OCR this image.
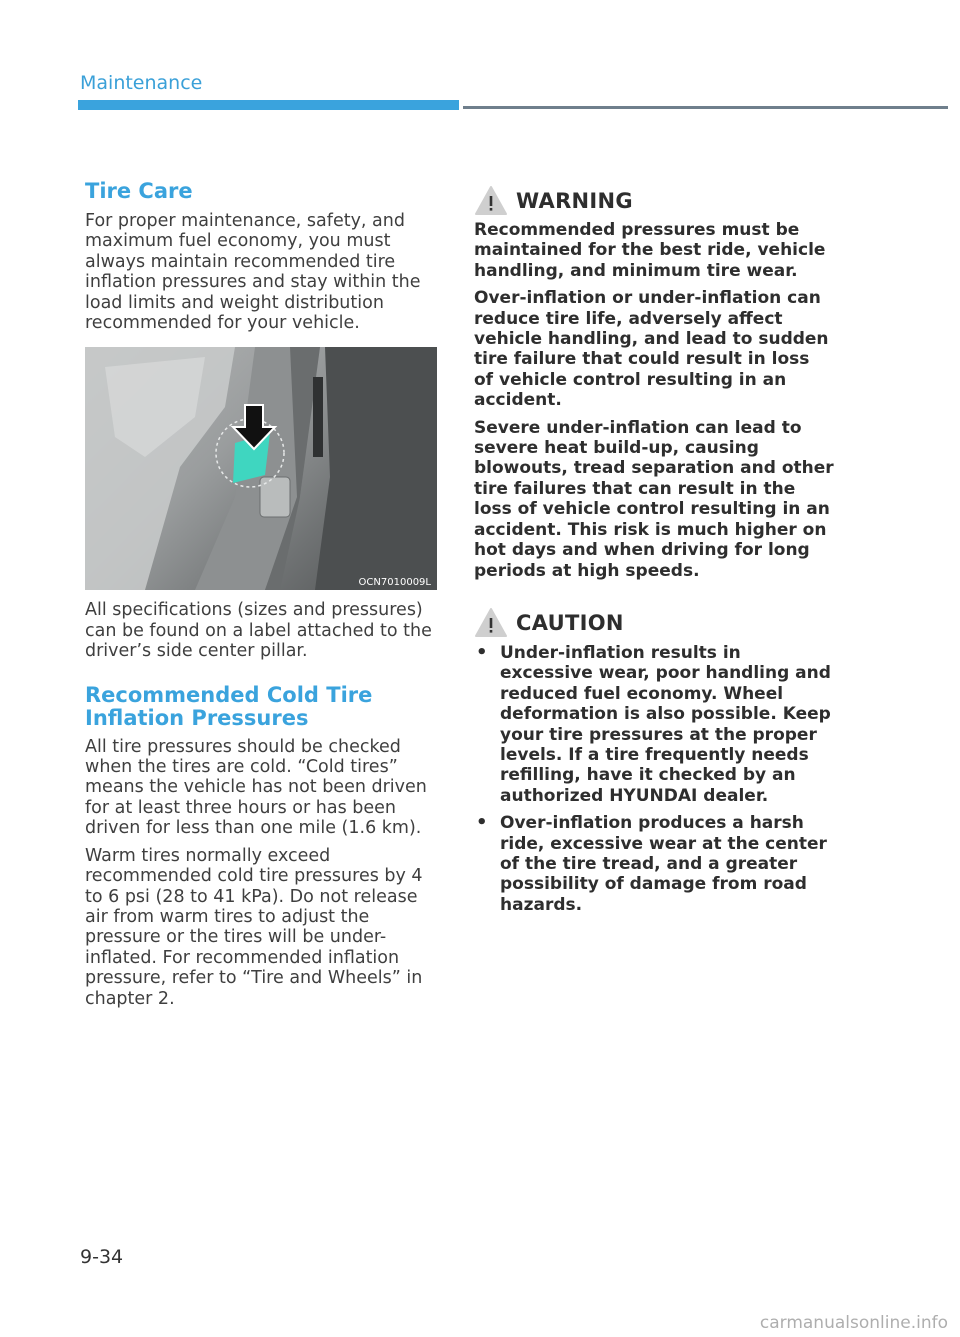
Maintenance
Tire Care

For proper maintenance, safety, and maximum fuel economy, you must always maintain recommended tire inflation pressures and stay within the load limits and weight distribution recommended for your vehicle.

OCN7010009L

All specifications (sizes and pressures) can be found on a label attached to the driver’s side center pillar.

Recommended Cold Tire Inflation Pressures

All tire pressures should be checked when the tires are cold. “Cold tires” means the vehicle has not been driven for at least three hours or has been driven for less than one mile (1.6 km).

Warm tires normally exceed recommended cold tire pressures by 4 to 6 psi (28 to 41 kPa). Do not release air from warm tires to adjust the pressure or the tires will be under-inflated. For recommended inflation pressure, refer to “Tire and Wheels” in chapter 2.

WARNING

Recommended pressures must be maintained for the best ride, vehicle handling, and minimum tire wear.

Over-inflation or under-inflation can reduce tire life, adversely affect vehicle handling, and lead to sudden tire failure that could result in loss of vehicle control resulting in an accident.

Severe under-inflation can lead to severe heat build-up, causing blowouts, tread separation and other tire failures that can result in the loss of vehicle control resulting in an accident. This risk is much higher on hot days and when driving for long periods at high speeds.

CAUTION
• Under-inflation results in excessive wear, poor handling and reduced fuel economy. Wheel deformation is also possible. Keep your tire pressures at the proper levels. If a tire frequently needs refilling, have it checked by an authorized HYUNDAI dealer.
• Over-inflation produces a harsh ride, excessive wear at the center of the tire tread, and a greater possibility of damage from road hazards.
9-34
carmanualsonline.info
